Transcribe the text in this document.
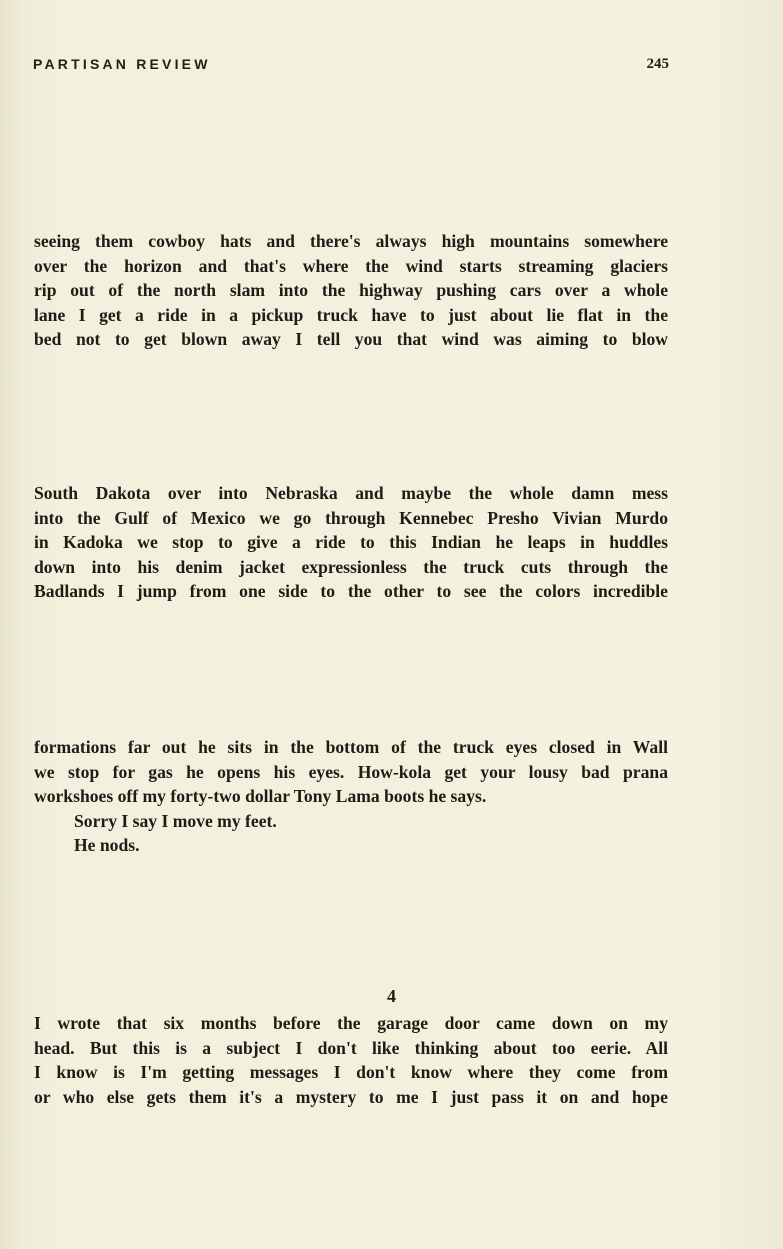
PARTISAN REVIEW	245
seeing them cowboy hats and there's always high mountains somewhere
over the horizon and that's where the wind starts streaming glaciers
rip out of the north slam into the highway pushing cars over a whole
lane I get a ride in a pickup truck have to just about lie flat in the
bed not to get blown away I tell you that wind was aiming to blow
South Dakota over into Nebraska and maybe the whole damn mess
into the Gulf of Mexico we go through Kennebec Presho Vivian Murdo
in Kadoka we stop to give a ride to this Indian he leaps in huddles
down into his denim jacket expressionless the truck cuts through the
Badlands I jump from one side to the other to see the colors incredible
formations far out he sits in the bottom of the truck eyes closed in Wall
we stop for gas he opens his eyes. How-kola get your lousy bad prana
workshoes off my forty-two dollar Tony Lama boots he says.
Sorry I say I move my feet.
He nods.
4
I wrote that six months before the garage door came down on my
head. But this is a subject I don't like thinking about too eerie. All
I know is I'm getting messages I don't know where they come from
or who else gets them it's a mystery to me I just pass it on and hope
